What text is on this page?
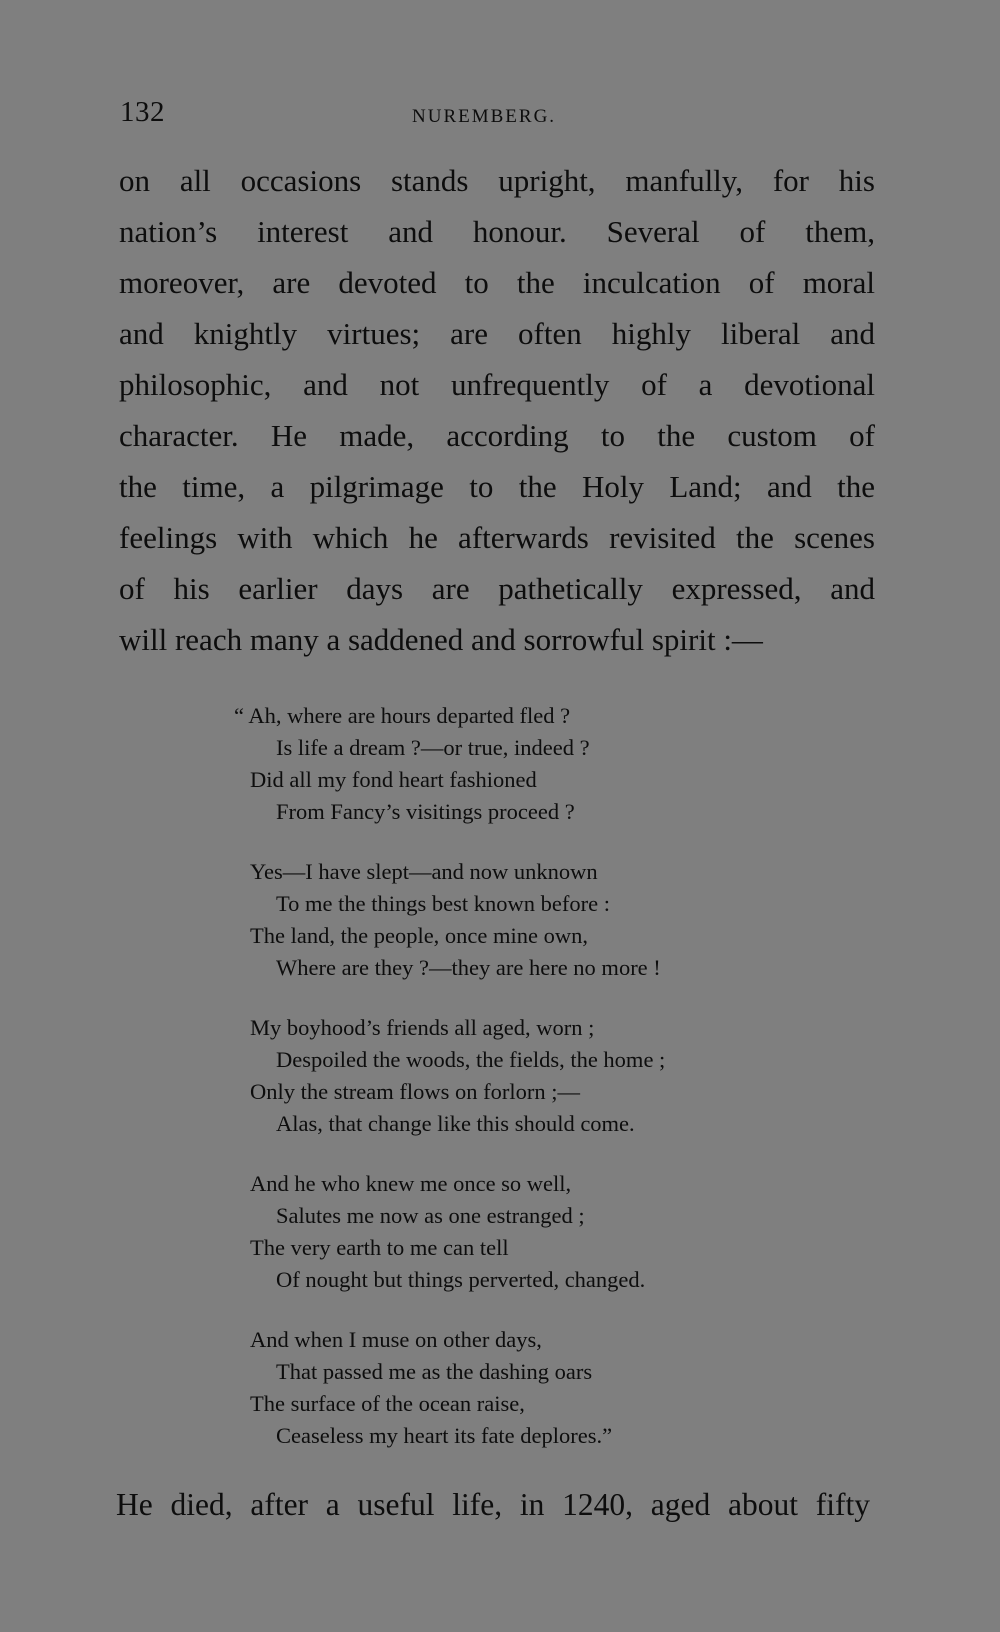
132	NUREMBERG.
on all occasions stands upright, manfully, for his
nation’s interest and honour. Several of them,
moreover, are devoted to the inculcation of moral
and knightly virtues; are often highly liberal and
philosophic, and not unfrequently of a devotional
character. He made, according to the custom of
the time, a pilgrimage to the Holy Land; and the
feelings with which he afterwards revisited the scenes
of his earlier days are pathetically expressed, and
will reach many a saddened and sorrowful spirit :—
“ Ah, where are hours departed fled ?
Is life a dream ?—or true, indeed ?
Did all my fond heart fashioned
From Fancy’s visitings proceed ?
Yes—I have slept—and now unknown
To me the things best known before :
The land, the people, once mine own,
Where are they ?—they are here no more !
My boyhood’s friends all aged, worn ;
Despoiled the woods, the fields, the home ;
Only the stream flows on forlorn ;—
Alas, that change like this should come.
And he who knew me once so well,
Salutes me now as one estranged ;
The very earth to me can tell
Of nought but things perverted, changed.
And when I muse on other days,
That passed me as the dashing oars
The surface of the ocean raise,
Ceaseless my heart its fate deplores.”
He died, after a useful life, in 1240, aged about fifty
